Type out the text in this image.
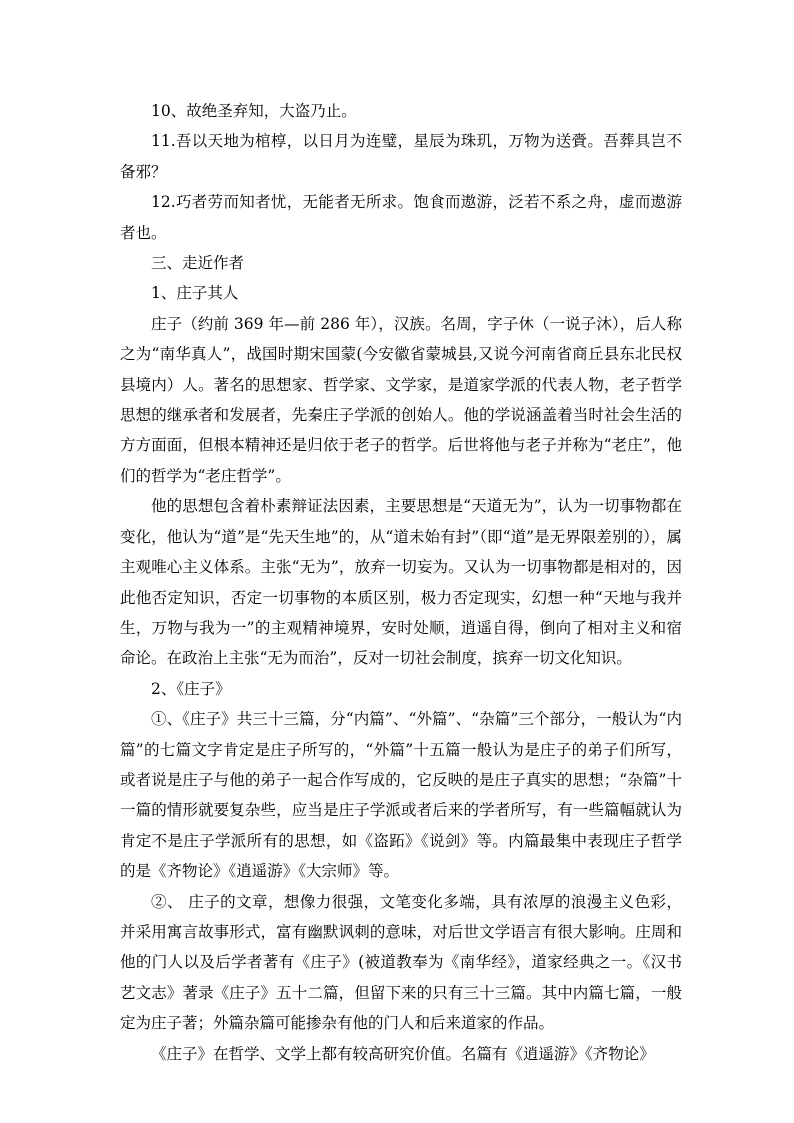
10、故绝圣弃知，大盗乃止。

11.吾以天地为棺椁，以日月为连璧，星辰为珠玑，万物为送賫。吾葬具岂不备邪？

12.巧者劳而知者忧，无能者无所求。饱食而遨游，泛若不系之舟，虚而遨游者也。

三、走近作者

1、庄子其人

庄子（约前 369 年—前 286 年），汉族。名周，字子休（一说子沐），后人称之为“南华真人”，战国时期宋国蒙(今安徽省蒙城县,又说今河南省商丘县东北民权县境内）人。著名的思想家、哲学家、文学家，是道家学派的代表人物，老子哲学思想的继承者和发展者，先秦庄子学派的创始人。他的学说涵盖着当时社会生活的方方面面，但根本精神还是归依于老子的哲学。后世将他与老子并称为“老庄”，他们的哲学为“老庄哲学”。

他的思想包含着朴素辩证法因素，主要思想是“天道无为”，认为一切事物都在变化，他认为“道”是“先天生地”的，从“道未始有封”（即“道”是无界限差别的），属主观唯心主义体系。主张“无为”，放弃一切妄为。又认为一切事物都是相对的，因此他否定知识，否定一切事物的本质区别，极力否定现实，幻想一种“天地与我并生，万物与我为一”的主观精神境界，安时处顺，逍遥自得，倒向了相对主义和宿命论。在政治上主张“无为而治”，反对一切社会制度，摈弃一切文化知识。

2、《庄子》

①、《庄子》共三十三篇，分“内篇”、“外篇”、“杂篇”三个部分，一般认为“内篇”的七篇文字肯定是庄子所写的，“外篇”十五篇一般认为是庄子的弟子们所写，或者说是庄子与他的弟子一起合作写成的，它反映的是庄子真实的思想；“杂篇”十一篇的情形就要复杂些，应当是庄子学派或者后来的学者所写，有一些篇幅就认为肯定不是庄子学派所有的思想，如《盗跖》《说剑》等。内篇最集中表现庄子哲学的是《齐物论》《逍遥游》《大宗师》等。

②、 庄子的文章，想像力很强，文笔变化多端，具有浓厚的浪漫主义色彩，并采用寓言故事形式，富有幽默讽刺的意味，对后世文学语言有很大影响。庄周和他的门人以及后学者著有《庄子》(被道教奉为《南华经》，道家经典之一。《汉书艺文志》著录《庄子》五十二篇，但留下来的只有三十三篇。其中内篇七篇，一般定为庄子著；外篇杂篇可能掺杂有他的门人和后来道家的作品。

《庄子》在哲学、文学上都有较高研究价值。名篇有《逍遥游》《齐物论》
